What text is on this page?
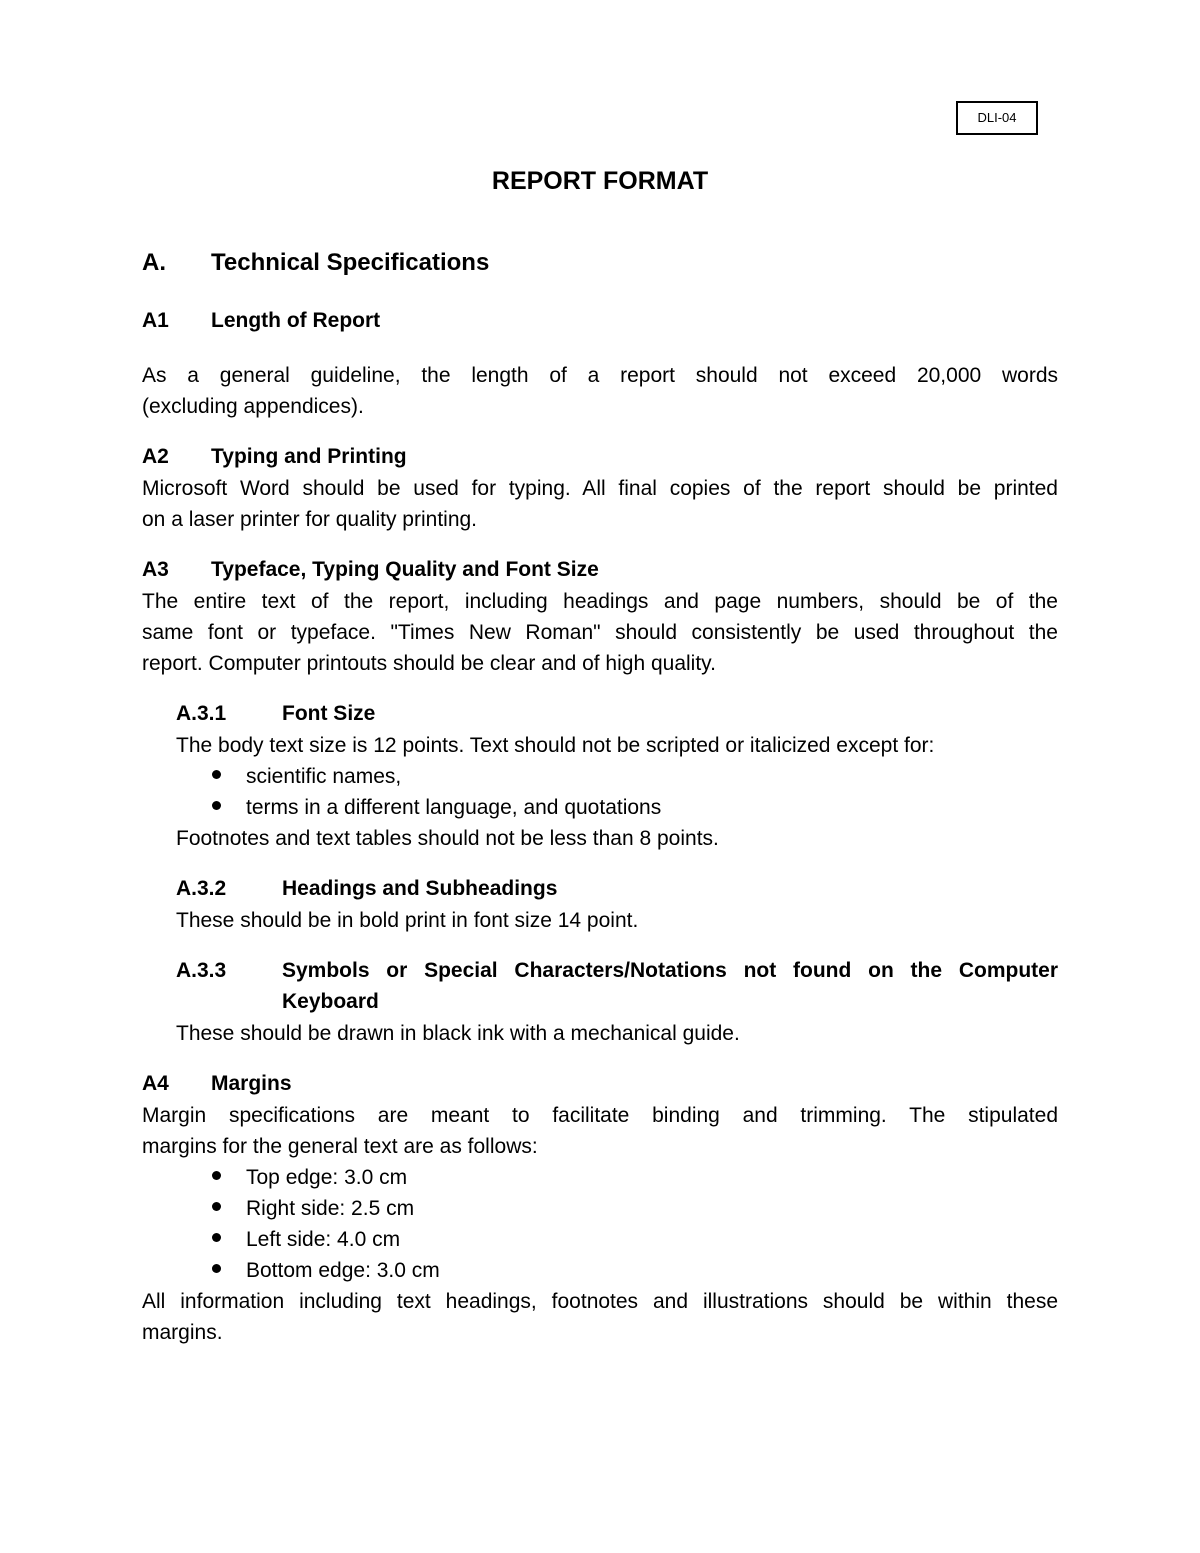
DLI-04
REPORT FORMAT
A. Technical Specifications
A1 Length of Report
As a general guideline, the length of a report should not exceed 20,000 words
(excluding appendices).
A2 Typing and Printing
Microsoft Word should be used for typing. All final copies of the report should be printed
on a laser printer for quality printing.
A3 Typeface, Typing Quality and Font Size
The entire text of the report, including headings and page numbers, should be of the
same font or typeface. "Times New Roman" should consistently be used throughout the
report. Computer printouts should be clear and of high quality.
A.3.1	Font Size
The body text size is 12 points. Text should not be scripted or italicized except for:
scientific names,
terms in a different language, and quotations
Footnotes and text tables should not be less than 8 points.
A.3.2	Headings and Subheadings
These should be in bold print in font size 14 point.
A.3.3	Symbols or Special Characters/Notations not found on the Computer
Keyboard
These should be drawn in black ink with a mechanical guide.
A4 Margins
Margin specifications are meant to facilitate binding and trimming. The stipulated
margins for the general text are as follows:
Top edge: 3.0 cm
Right side: 2.5 cm
Left side: 4.0 cm
Bottom edge: 3.0 cm
All information including text headings, footnotes and illustrations should be within these
margins.
